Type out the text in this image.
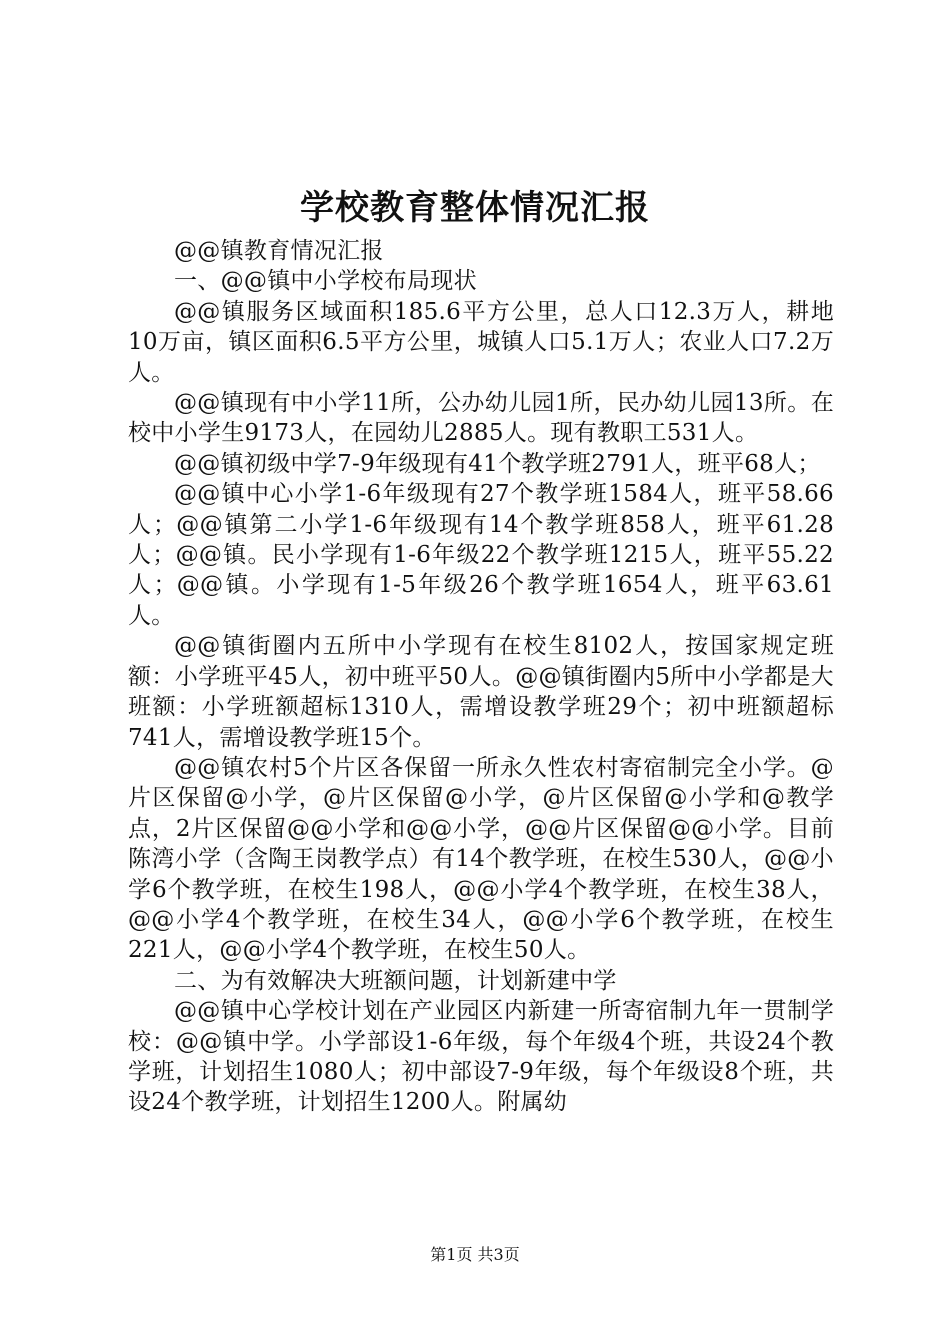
学校教育整体情况汇报

@@镇教育情况汇报

一、@@镇中小学校布局现状

@@镇服务区域面积185.6平方公里，总人口12.3万人，耕地10万亩，镇区面积6.5平方公里，城镇人口5.1万人；农业人口7.2万人。

@@镇现有中小学11所，公办幼儿园1所，民办幼儿园13所。在校中小学生9173人，在园幼儿2885人。现有教职工531人。

@@镇初级中学7-9年级现有41个教学班2791人，班平68人；

@@镇中心小学1-6年级现有27个教学班1584人，班平58.66人；@@镇第二小学1-6年级现有14个教学班858人，班平61.28人；@@镇。民小学现有1-6年级22个教学班1215人，班平55.22人；@@镇。小学现有1-5年级26个教学班1654人，班平63.61人。

@@镇街圈内五所中小学现有在校生8102人，按国家规定班额：小学班平45人，初中班平50人。@@镇街圈内5所中小学都是大班额：小学班额超标1310人，需增设教学班29个；初中班额超标741人，需增设教学班15个。

@@镇农村5个片区各保留一所永久性农村寄宿制完全小学。@片区保留@小学，@片区保留@小学，@片区保留@小学和@教学点，2片区保留@@小学和@@小学，@@片区保留@@小学。目前陈湾小学（含陶王岗教学点）有14个教学班，在校生530人，@@小学6个教学班，在校生198人，@@小学4个教学班，在校生38人，@@小学4个教学班，在校生34人，@@小学6个教学班，在校生221人，@@小学4个教学班，在校生50人。

二、为有效解决大班额问题，计划新建中学

@@镇中心学校计划在产业园区内新建一所寄宿制九年一贯制学校：@@镇中学。小学部设1-6年级，每个年级4个班，共设24个教学班，计划招生1080人；初中部设7-9年级，每个年级设8个班，共设24个教学班，计划招生1200人。附属幼

第1页 共3页
